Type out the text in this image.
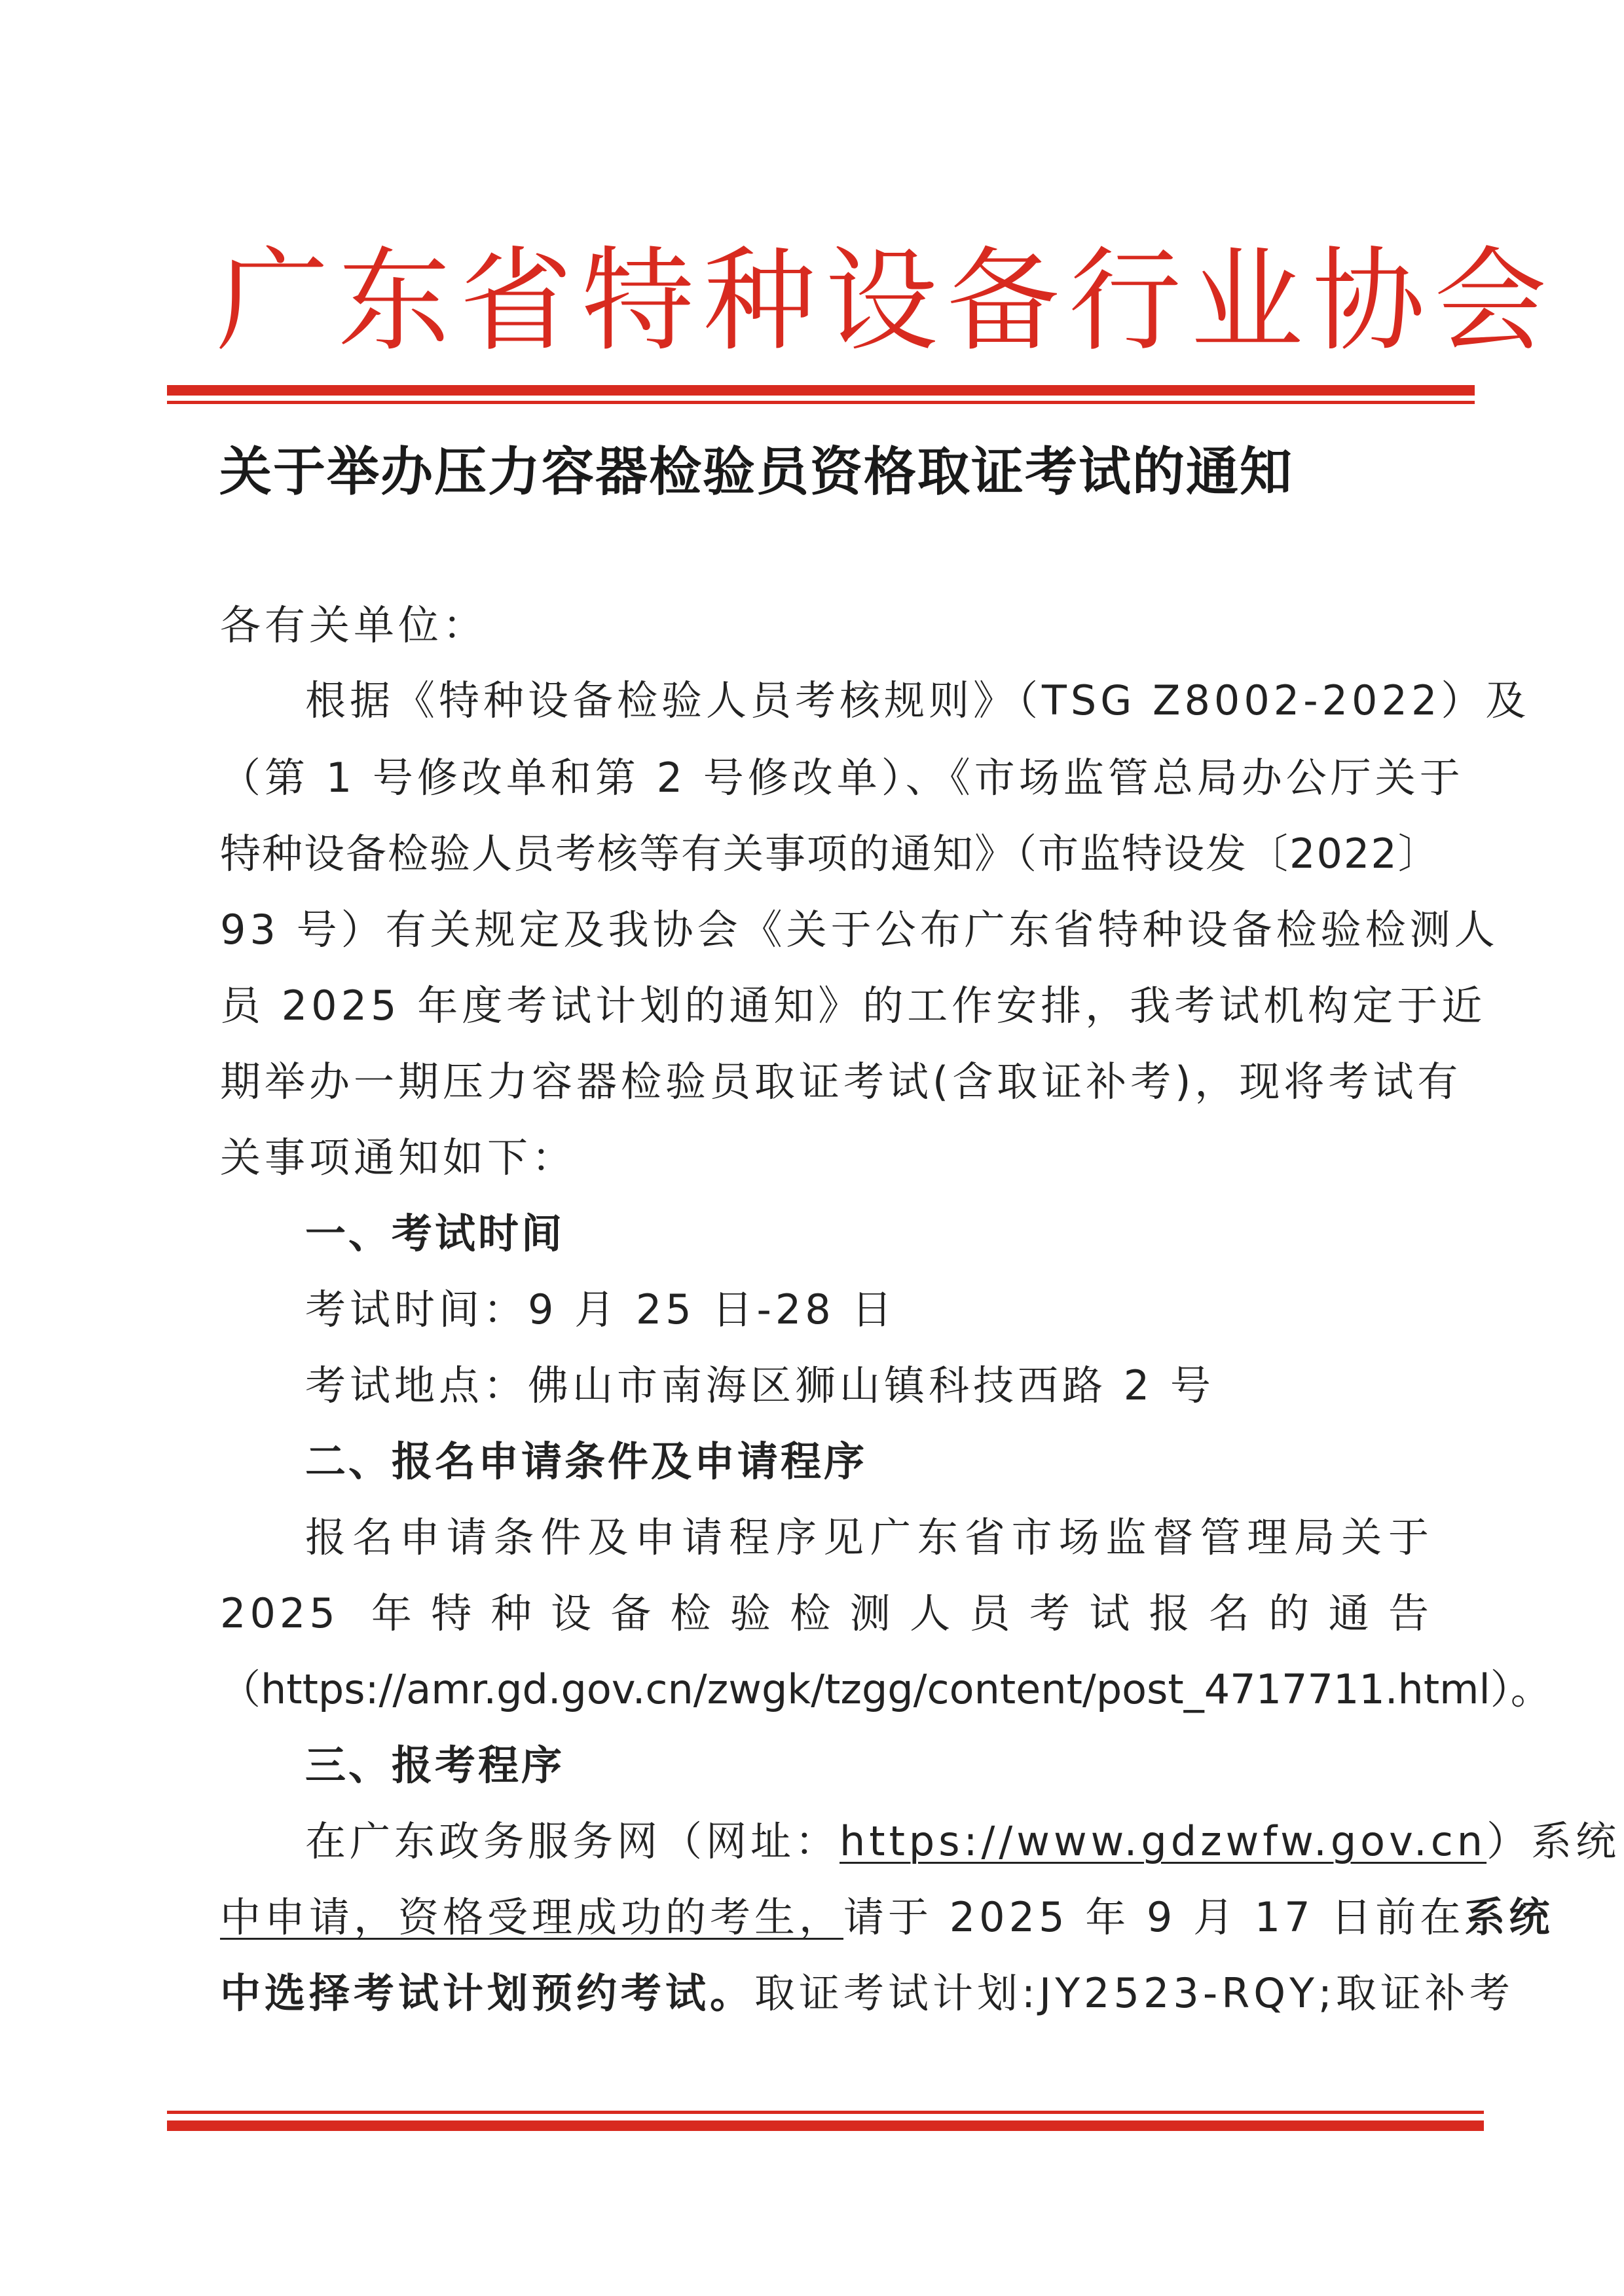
广东省特种设备行业协会
关于举办压力容器检验员资格取证考试的通知
各有关单位：
根据《特种设备检验人员考核规则》（TSG Z8002-2022）及
（第 1 号修改单和第 2 号修改单）、《市场监管总局办公厅关于
特种设备检验人员考核等有关事项的通知》（市监特设发〔2022〕
93 号）有关规定及我协会《关于公布广东省特种设备检验检测人
员 2025 年度考试计划的通知》的工作安排，我考试机构定于近
期举办一期压力容器检验员取证考试(含取证补考)，现将考试有
关事项通知如下：
一、考试时间
考试时间：9 月 25 日-28 日
考试地点：佛山市南海区狮山镇科技西路 2 号
二、报名申请条件及申请程序
报名申请条件及申请程序见广东省市场监督管理局关于
2025 年特种设备检验检测人员考试报名的通告
（https://amr.gd.gov.cn/zwgk/tzgg/content/post_4717711.html）。
三、报考程序
在广东政务服务网（网址：https://www.gdzwfw.gov.cn）系统
中申请，资格受理成功的考生，请于 2025 年 9 月 17 日前在系统
中选择考试计划预约考试。取证考试计划:JY2523-RQY;取证补考
